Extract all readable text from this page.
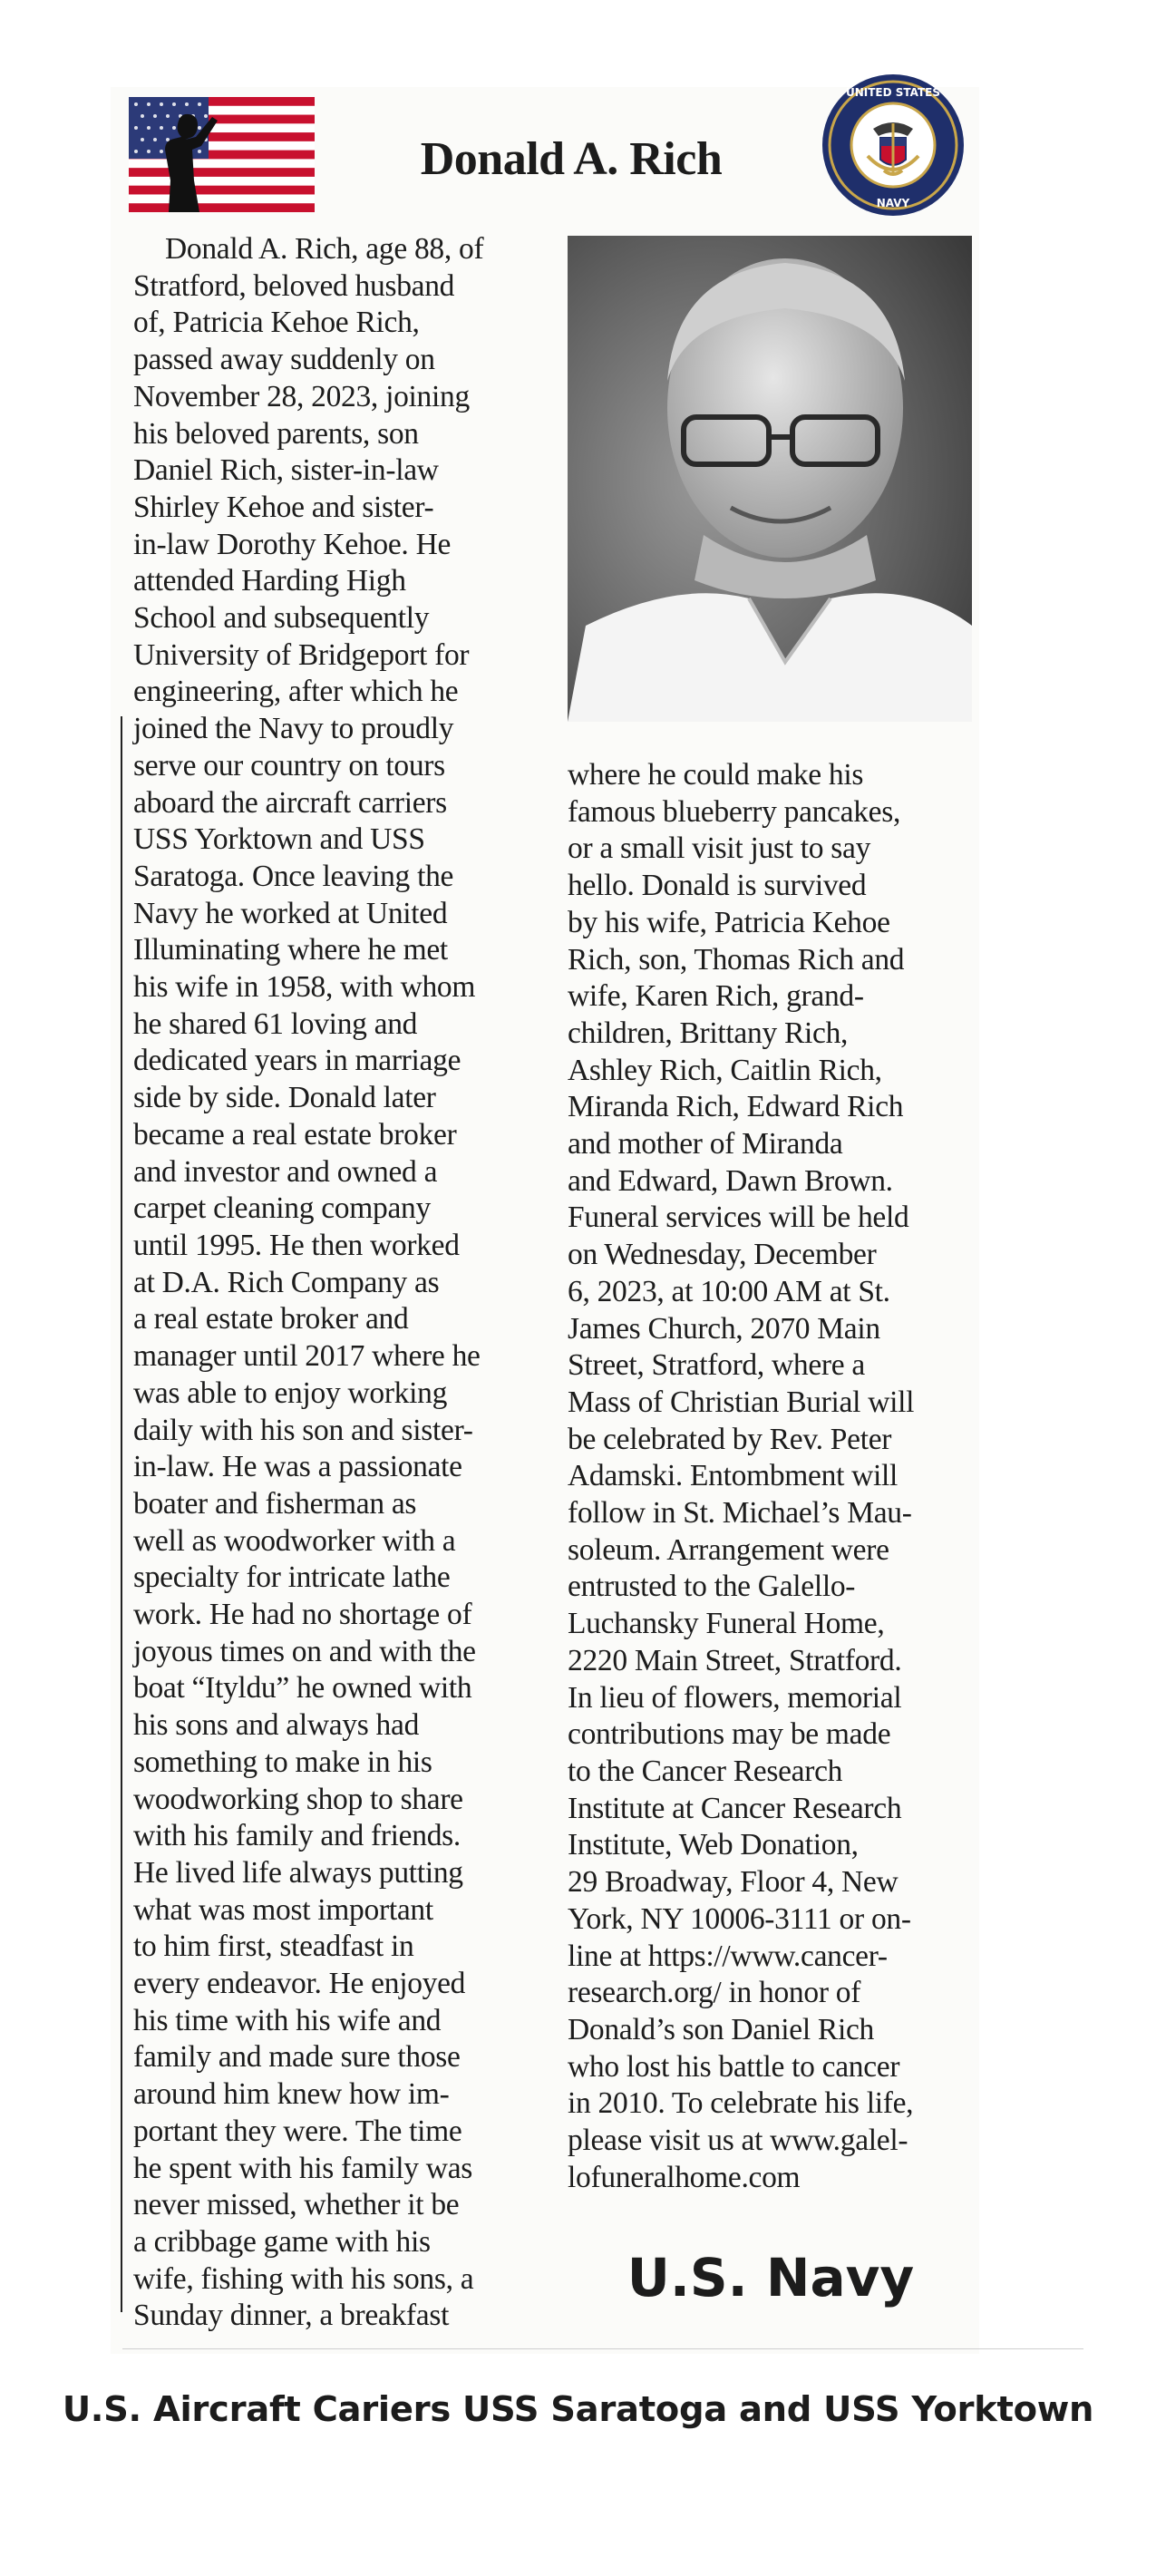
UNITED STATES
NAVY
Donald A. Rich

Donald A. Rich, age 88, of

Stratford, beloved husband

of, Patricia Kehoe Rich,

passed away suddenly on

November 28, 2023, joining

his beloved parents, son

Daniel Rich, sister-in-law

Shirley Kehoe and sister-

in-law Dorothy Kehoe. He

attended Harding High

School and subsequently

University of Bridgeport for

engineering, after which he

joined the Navy to proudly

serve our country on tours

aboard the aircraft carriers

USS Yorktown and USS

Saratoga. Once leaving the

Navy he worked at United

Illuminating where he met

his wife in 1958, with whom

he shared 61 loving and

dedicated years in marriage

side by side. Donald later

became a real estate broker

and investor and owned a

carpet cleaning company

until 1995. He then worked

at D.A. Rich Company as

a real estate broker and

manager until 2017 where he

was able to enjoy working

daily with his son and sister-

in-law. He was a passionate

boater and fisherman as

well as woodworker with a

specialty for intricate lathe

work. He had no shortage of

joyous times on and with the

boat “Ityldu” he owned with

his sons and always had

something to make in his

woodworking shop to share

with his family and friends.

He lived life always putting

what was most important

to him first, steadfast in

every endeavor. He enjoyed

his time with his wife and

family and made sure those

around him knew how im-

portant they were. The time

he spent with his family was

never missed, whether it be

a cribbage game with his

wife, fishing with his sons, a

Sunday dinner, a breakfast

where he could make his

famous blueberry pancakes,

or a small visit just to say

hello. Donald is survived

by his wife, Patricia Kehoe

Rich, son, Thomas Rich and

wife, Karen Rich, grand-

children, Brittany Rich,

Ashley Rich, Caitlin Rich,

Miranda Rich, Edward Rich

and mother of Miranda

and Edward, Dawn Brown.

Funeral services will be held

on Wednesday, December

6, 2023, at 10:00 AM at St.

James Church, 2070 Main

Street, Stratford, where a

Mass of Christian Burial will

be celebrated by Rev. Peter

Adamski. Entombment will

follow in St. Michael’s Mau-

soleum. Arrangement were

entrusted to the Galello-

Luchansky Funeral Home,

2220 Main Street, Stratford.

In lieu of flowers, memorial

contributions may be made

to the Cancer Research

Institute at Cancer Research

Institute, Web Donation,

29 Broadway, Floor 4, New

York, NY 10006-3111 or on-

line at https://www.cancer-

research.org/ in honor of

Donald’s son Daniel Rich

who lost his battle to cancer

in 2010. To celebrate his life,

please visit us at www.galel-

lofuneralhome.com

U.S. Navy
U.S. Aircraft Cariers USS Saratoga and USS Yorktown
